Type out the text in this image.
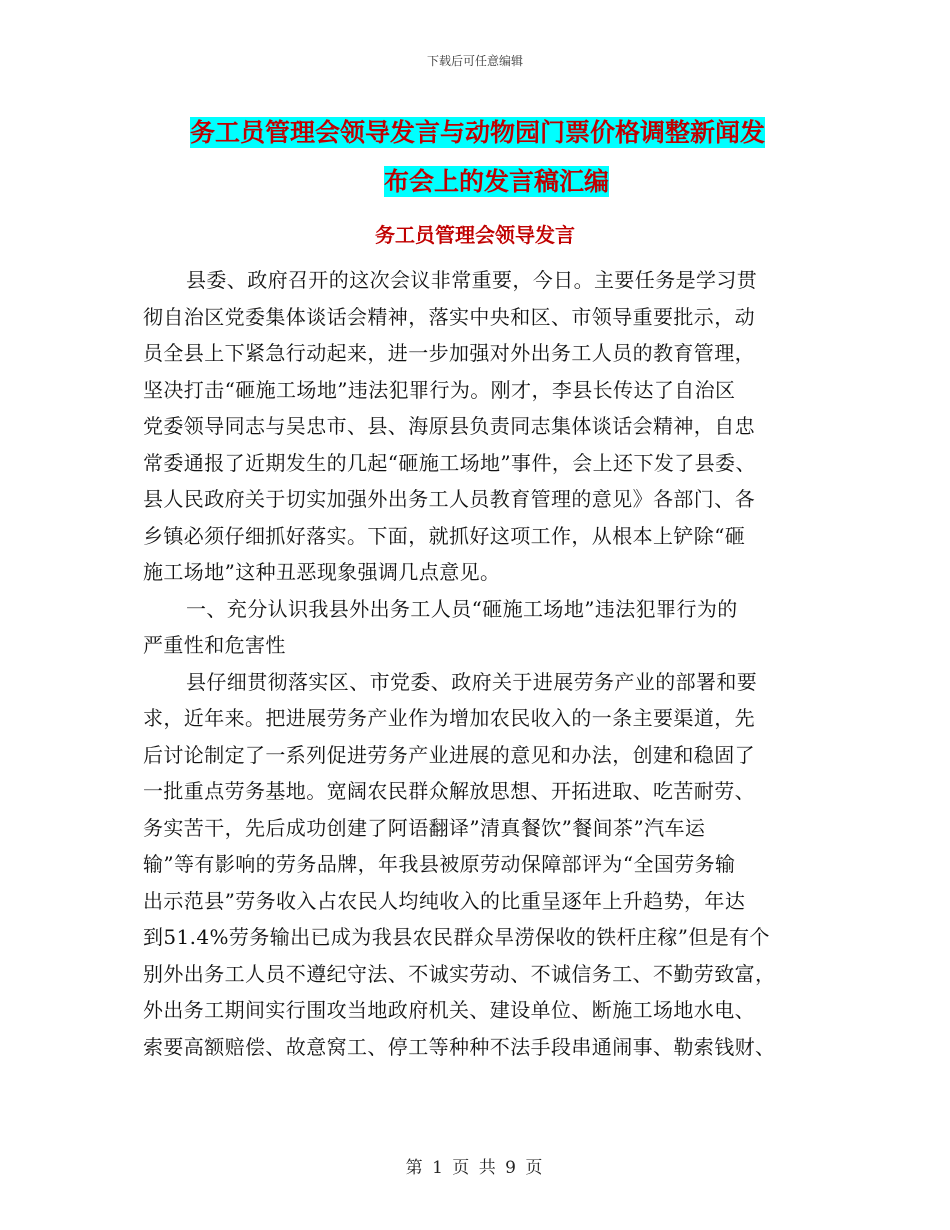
下载后可任意编辑
务工员管理会领导发言与动物园门票价格调整新闻发
布会上的发言稿汇编
务工员管理会领导发言
县委、政府召开的这次会议非常重要，今日。主要任务是学习贯
彻自治区党委集体谈话会精神，落实中央和区、市领导重要批示，动
员全县上下紧急行动起来，进一步加强对外出务工人员的教育管理，
坚决打击“砸施工场地”违法犯罪行为。刚才，李县长传达了自治区
党委领导同志与吴忠市、县、海原县负责同志集体谈话会精神，自忠
常委通报了近期发生的几起“砸施工场地”事件，会上还下发了县委、
县人民政府关于切实加强外出务工人员教育管理的意见》各部门、各
乡镇必须仔细抓好落实。下面，就抓好这项工作，从根本上铲除“砸
施工场地”这种丑恶现象强调几点意见。
一、充分认识我县外出务工人员“砸施工场地”违法犯罪行为的
严重性和危害性
县仔细贯彻落实区、市党委、政府关于进展劳务产业的部署和要
求，近年来。把进展劳务产业作为增加农民收入的一条主要渠道，先
后讨论制定了一系列促进劳务产业进展的意见和办法，创建和稳固了
一批重点劳务基地。宽阔农民群众解放思想、开拓进取、吃苦耐劳、
务实苦干，先后成功创建了阿语翻译”清真餐饮”餐间茶”汽车运
输”等有影响的劳务品牌，年我县被原劳动保障部评为“全国劳务输
出示范县”劳务收入占农民人均纯收入的比重呈逐年上升趋势，年达
到51.4%劳务输出已成为我县农民群众旱涝保收的铁杆庄稼”但是有个
别外出务工人员不遵纪守法、不诚实劳动、不诚信务工、不勤劳致富，
外出务工期间实行围攻当地政府机关、建设单位、断施工场地水电、
索要高额赔偿、故意窝工、停工等种种不法手段串通闹事、勒索钱财、
第 1 页 共 9 页
